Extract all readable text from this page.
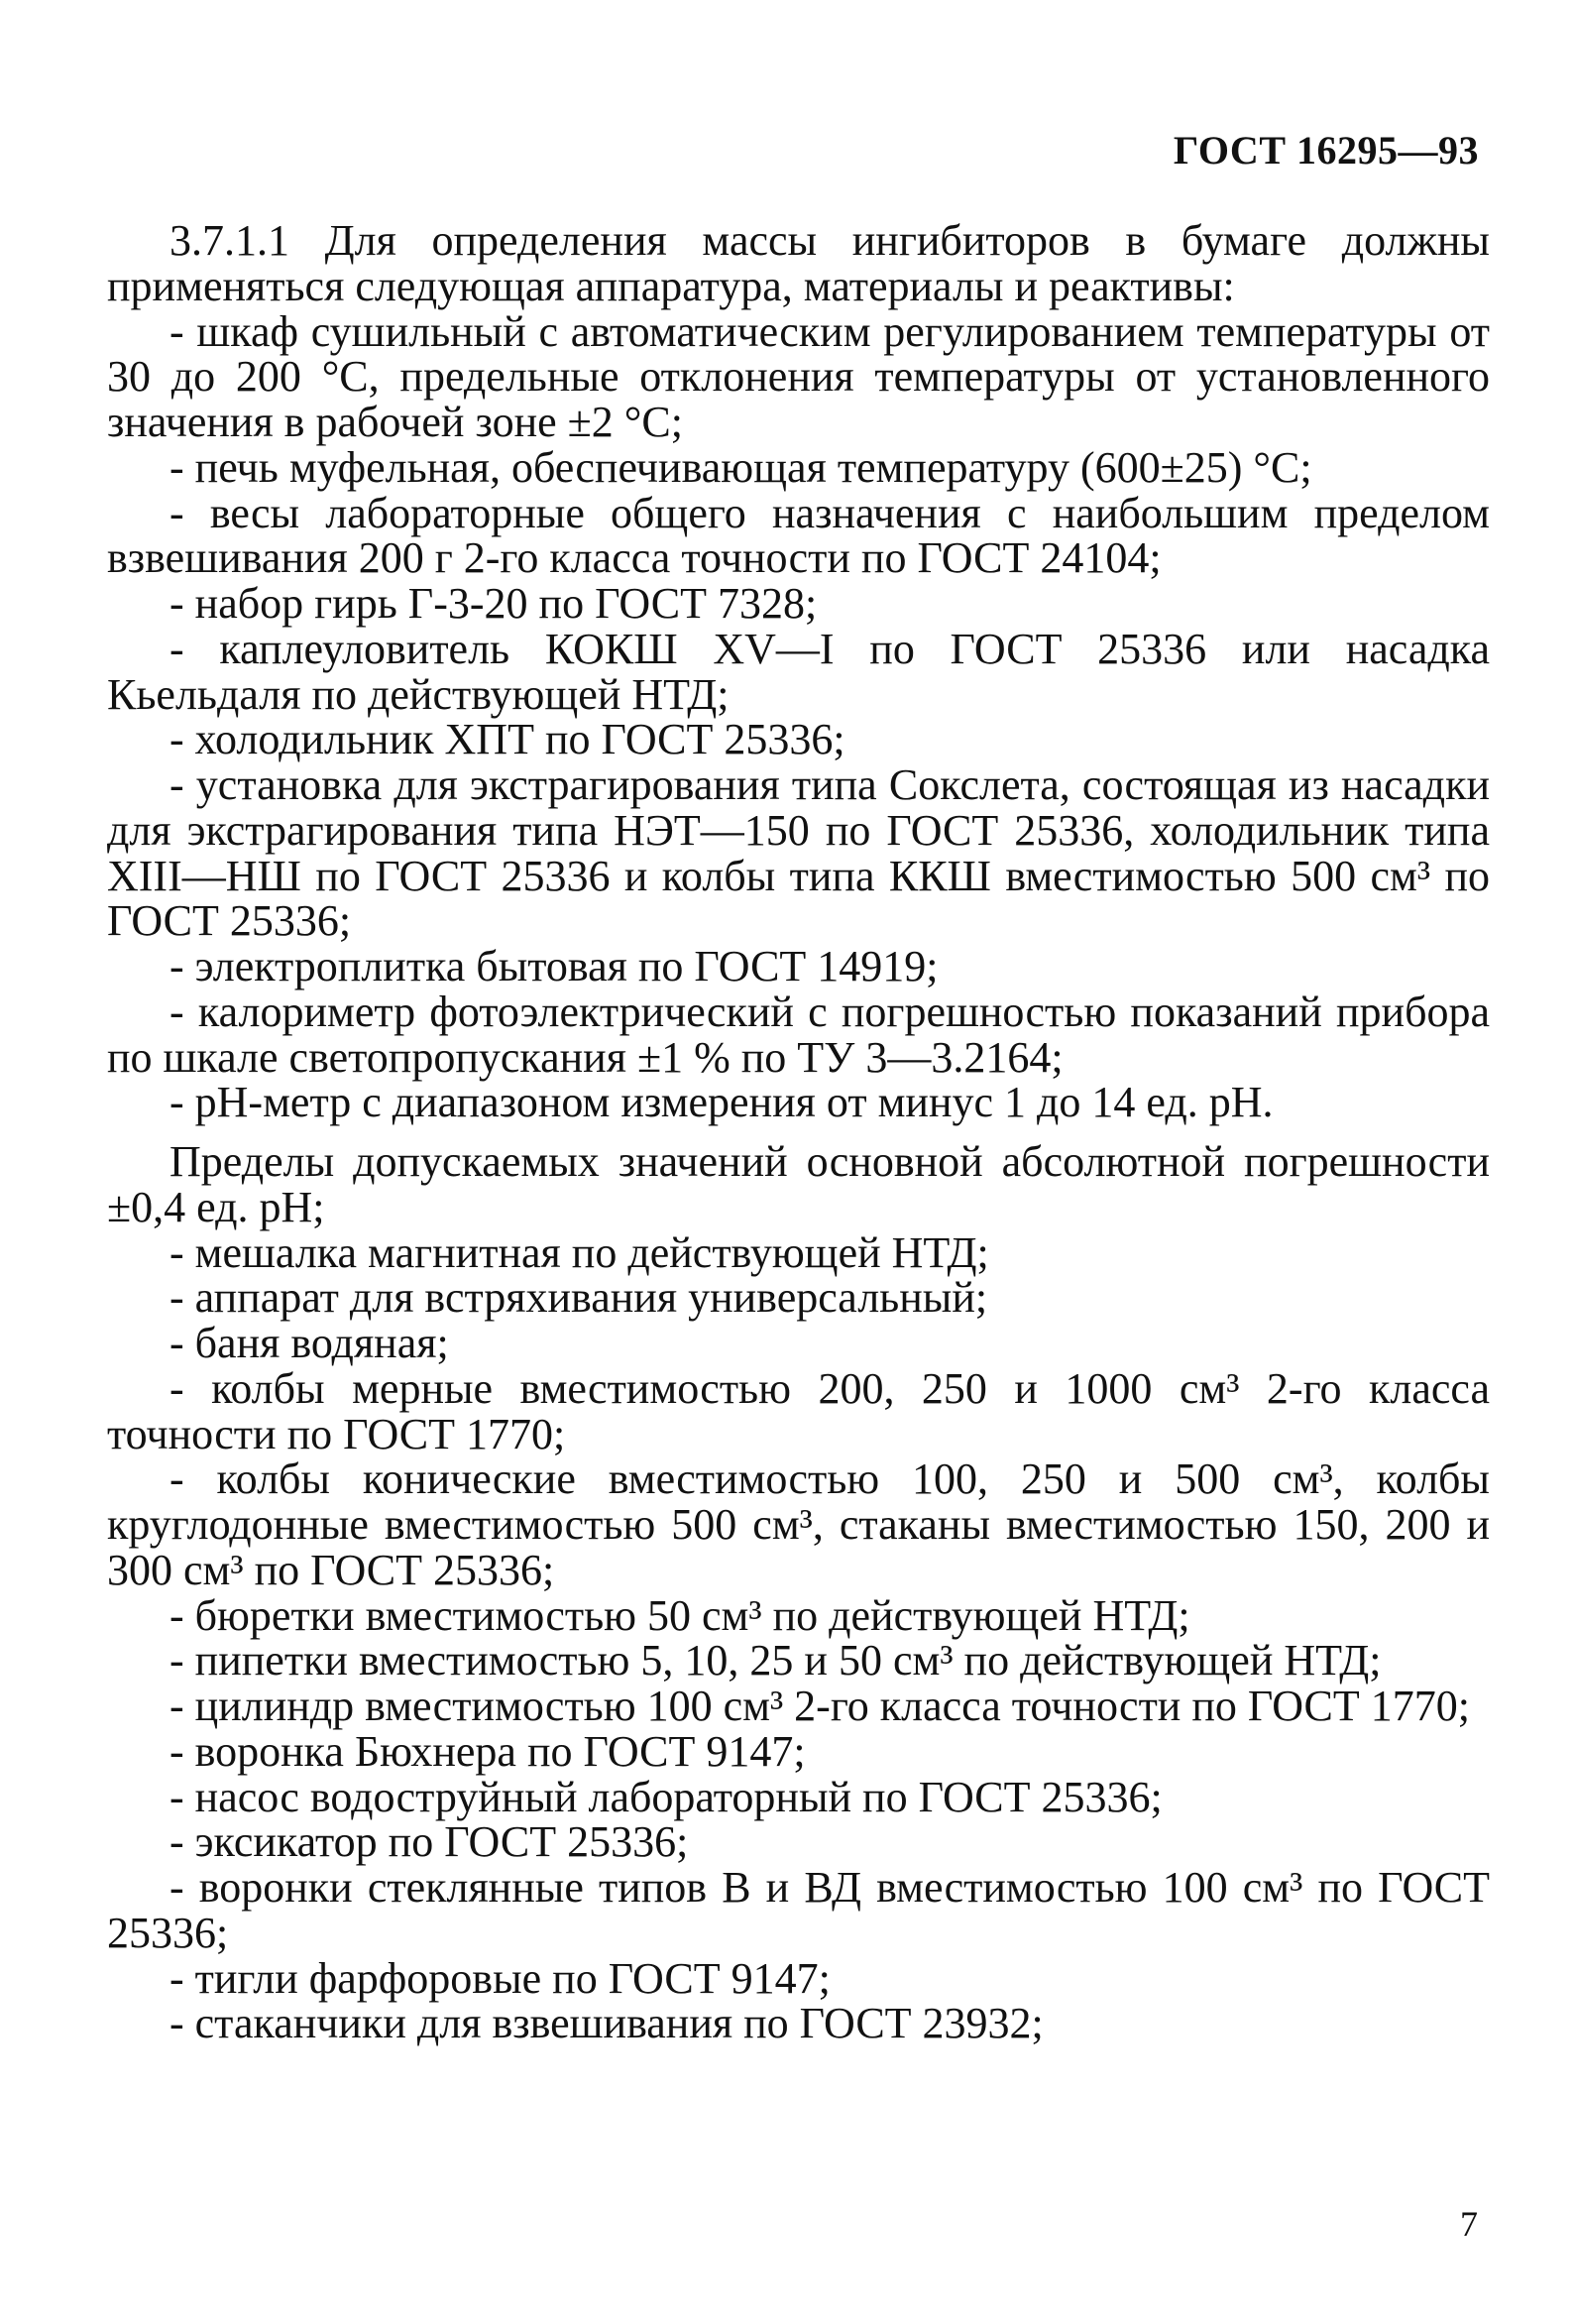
ГОСТ 16295—93

3.7.1.1 Для определения массы ингибиторов в бумаге должны применяться следующая аппаратура, материалы и реактивы:

- шкаф сушильный с автоматическим регулированием температуры от 30 до 200 °С, предельные отклонения температуры от установленного значения в рабочей зоне ±2 °С;

- печь муфельная, обеспечивающая температуру (600±25) °С;

- весы лабораторные общего назначения с наибольшим пределом взвешивания 200 г 2-го класса точности по ГОСТ 24104;

- набор гирь Г-3-20 по ГОСТ 7328;

- каплеуловитель КОКШ XV—I по ГОСТ 25336 или насадка Кьельдаля по действующей НТД;

- холодильник ХПТ по ГОСТ 25336;

- установка для экстрагирования типа Сокслета, состоящая из насадки для экстрагирования типа НЭТ—150 по ГОСТ 25336, холодильник типа XIII—НШ по ГОСТ 25336 и колбы типа ККШ вместимостью 500 см³ по ГОСТ 25336;

- электроплитка бытовая по ГОСТ 14919;

- калориметр фотоэлектрический с погрешностью показаний прибора по шкале светопропускания ±1 % по ТУ 3—3.2164;

- рН-метр с диапазоном измерения от минус 1 до 14 ед. рН.

Пределы допускаемых значений основной абсолютной погрешности ±0,4 ед. рН;

- мешалка магнитная по действующей НТД;

- аппарат для встряхивания универсальный;

- баня водяная;

- колбы мерные вместимостью 200, 250 и 1000 см³ 2-го класса точности по ГОСТ 1770;

- колбы конические вместимостью 100, 250 и 500 см³, колбы круглодонные вместимостью 500 см³, стаканы вместимостью 150, 200 и 300 см³ по ГОСТ 25336;

- бюретки вместимостью 50 см³ по действующей НТД;

- пипетки вместимостью 5, 10, 25 и 50 см³ по действующей НТД;

- цилиндр вместимостью 100 см³ 2-го класса точности по ГОСТ 1770;

- воронка Бюхнера по ГОСТ 9147;

- насос водоструйный лабораторный по ГОСТ 25336;

- эксикатор по ГОСТ 25336;

- воронки стеклянные типов В и ВД вместимостью 100 см³ по ГОСТ 25336;

- тигли фарфоровые по ГОСТ 9147;

- стаканчики для взвешивания по ГОСТ 23932;

7
